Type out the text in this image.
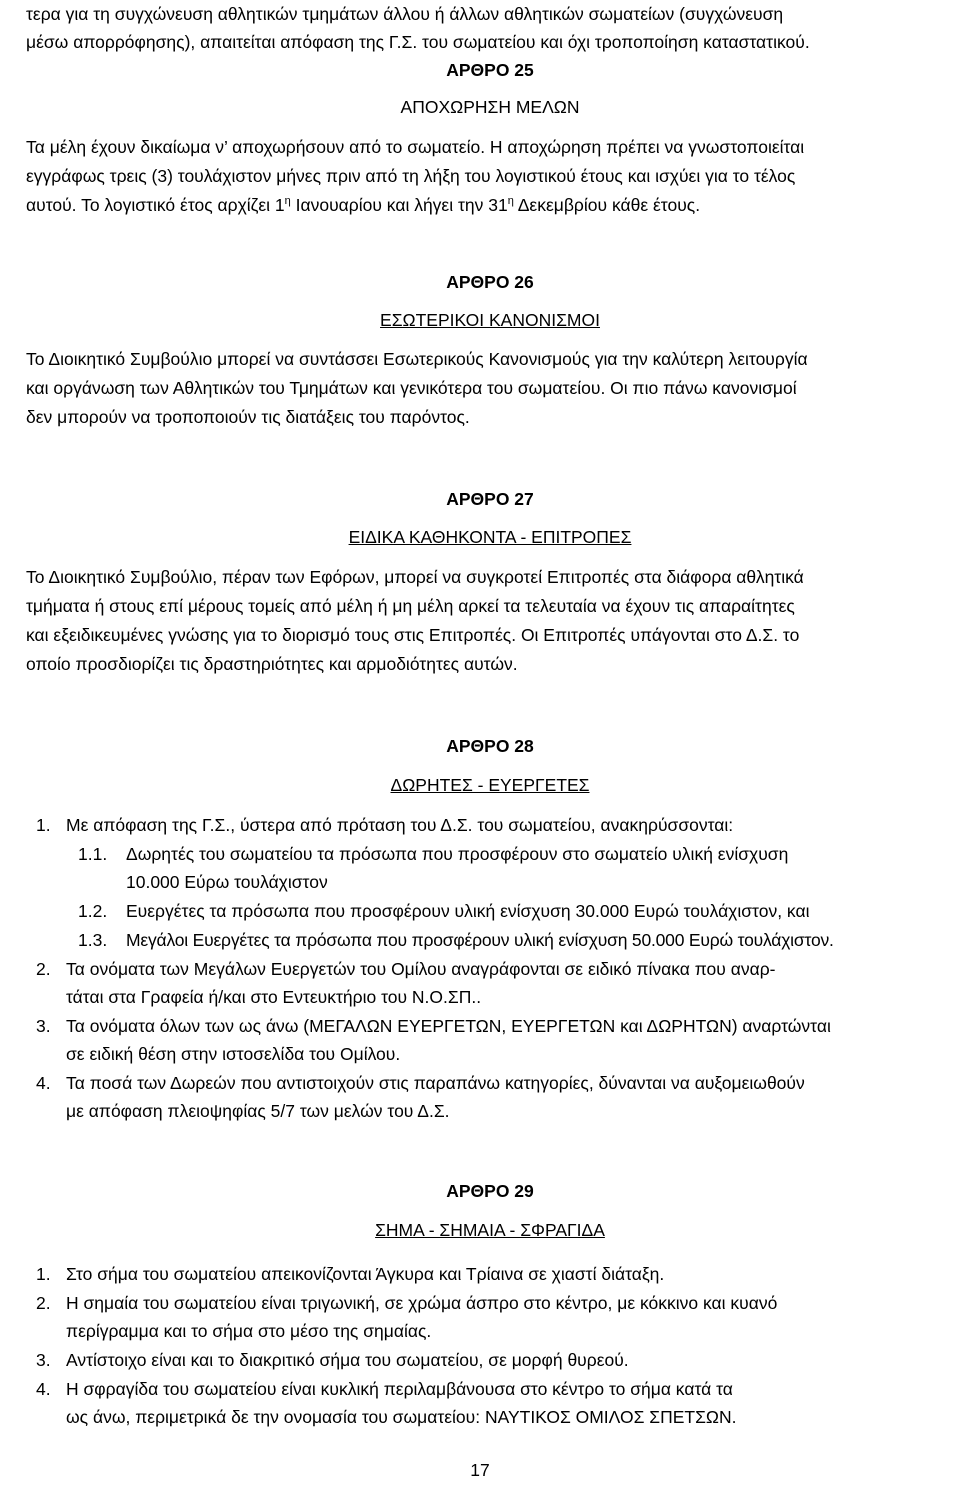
τερα για τη συγχώνευση αθλητικών τμημάτων άλλου ή άλλων αθλητικών σωματείων (συγχώνευση
μέσω απορρόφησης), απαιτείται απόφαση της Γ.Σ. του σωματείου και όχι τροποποίηση καταστατικού.
ΑΡΘΡΟ 25
ΑΠΟΧΩΡΗΣΗ ΜΕΛΩΝ
Τα μέλη έχουν δικαίωμα ν’ αποχωρήσουν από το σωματείο. Η αποχώρηση πρέπει να γνωστοποιείται
εγγράφως τρεις (3) τουλάχιστον μήνες πριν από τη λήξη του λογιστικού έτους και ισχύει για το τέλος
αυτού. Το λογιστικό έτος αρχίζει $1^\eta$ Ιανουαρίου και λήγει την $31^\eta$ Δεκεμβρίου κάθε έτους.
ΑΡΘΡΟ 26
ΕΣΩΤΕΡΙΚΟΙ ΚΑΝΟΝΙΣΜΟΙ
Το Διοικητικό Συμβούλιο μπορεί να συντάσσει Εσωτερικούς Κανονισμούς για την καλύτερη λειτουργία
και οργάνωση των Αθλητικών του Τμημάτων και γενικότερα του σωματείου. Οι πιο πάνω κανονισμοί
δεν μπορούν να τροποποιούν τις διατάξεις του παρόντος.
ΑΡΘΡΟ 27
ΕΙΔΙΚΑ ΚΑΘΗΚΟΝΤΑ - ΕΠΙΤΡΟΠΕΣ
Το Διοικητικό Συμβούλιο, πέραν των Εφόρων, μπορεί να συγκροτεί Επιτροπές στα διάφορα αθλητικά
τμήματα ή στους επί μέρους τομείς από μέλη ή μη μέλη αρκεί τα τελευταία να έχουν τις απαραίτητες
και εξειδικευμένες γνώσης για το διορισμό τους στις Επιτροπές. Οι Επιτροπές υπάγονται στο Δ.Σ. το
οποίο προσδιορίζει τις δραστηριότητες και αρμοδιότητες αυτών.
ΑΡΘΡΟ 28
ΔΩΡΗΤΕΣ - ΕΥΕΡΓΕΤΕΣ
1. Με απόφαση της Γ.Σ., ύστερα από πρόταση του Δ.Σ. του σωματείου, ανακηρύσσονται:
1.1. Δωρητές του σωματείου τα πρόσωπα που προσφέρουν στο σωματείο υλική ενίσχυση
10.000 Εύρω τουλάχιστον
1.2. Ευεργέτες τα πρόσωπα που προσφέρουν υλική ενίσχυση 30.000 Ευρώ τουλάχιστον, και
1.3. Μεγάλοι Ευεργέτες τα πρόσωπα που προσφέρουν υλική ενίσχυση 50.000 Ευρώ τουλάχιστον.
2. Τα ονόματα των Μεγάλων Ευεργετών του Ομίλου αναγράφονται σε ειδικό πίνακα που αναρ-
τάται στα Γραφεία ή/και στο Εντευκτήριο του Ν.Ο.ΣΠ..
3. Τα ονόματα όλων των ως άνω (ΜΕΓΑΛΩΝ ΕΥΕΡΓΕΤΩΝ, ΕΥΕΡΓΕΤΩΝ και ΔΩΡΗΤΩΝ) αναρτώνται
σε ειδική θέση στην ιστοσελίδα του Ομίλου.
4. Τα ποσά των Δωρεών που αντιστοιχούν στις παραπάνω κατηγορίες, δύνανται να αυξομειωθούν
με απόφαση πλειοψηφίας 5/7 των μελών του Δ.Σ.
ΑΡΘΡΟ 29
ΣΗΜΑ - ΣΗΜΑΙΑ - ΣΦΡΑΓΙΔΑ
1. Στο σήμα του σωματείου απεικονίζονται Άγκυρα και Τρίαινα σε χιαστί διάταξη.
2. Η σημαία του σωματείου είναι τριγωνική, σε χρώμα άσπρο στο κέντρο, με κόκκινο και κυανό
περίγραμμα και το σήμα στο μέσο της σημαίας.
3. Αντίστοιχο είναι και το διακριτικό σήμα του σωματείου, σε μορφή θυρεού.
4. Η σφραγίδα του σωματείου είναι κυκλική περιλαμβάνουσα στο κέντρο το σήμα κατά τα
ως άνω, περιμετρικά δε την ονομασία του σωματείου: ΝΑΥΤΙΚΟΣ ΟΜΙΛΟΣ ΣΠΕΤΣΩΝ.
17
